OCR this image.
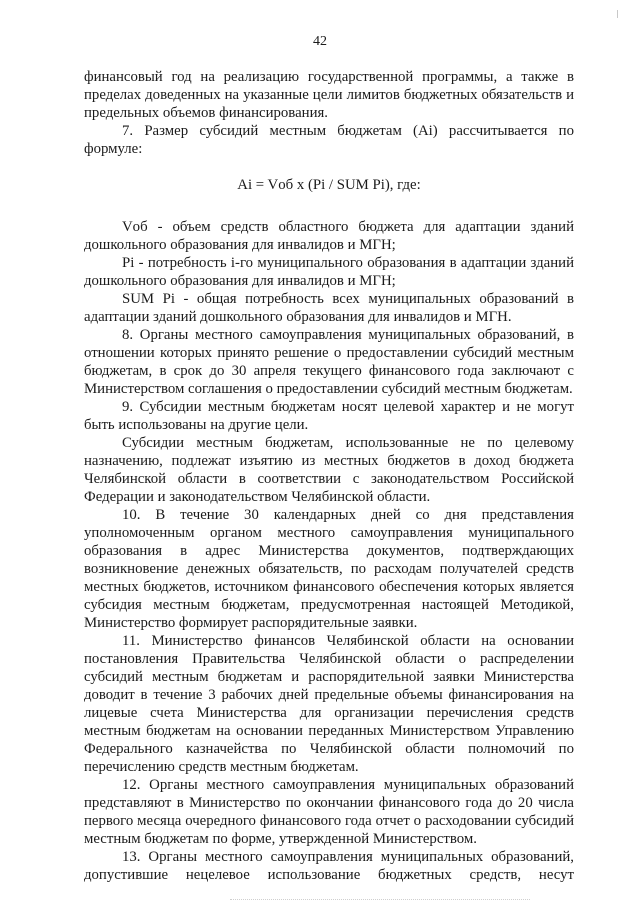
42

финансовый год на реализацию государственной программы, а также в пределах доведенных на указанные цели лимитов бюджетных обязательств и предельных объемов финансирования.

7. Размер субсидий местным бюджетам (Ai) рассчитывается по формуле:

Ai = Vоб x (Pi / SUM Pi), где:

Vоб - объем средств областного бюджета для адаптации зданий дошкольного образования для инвалидов и МГН;

Pi - потребность i-го муниципального образования в адаптации зданий дошкольного образования для инвалидов и МГН;

SUM Pi - общая потребность всех муниципальных образований в адаптации зданий дошкольного образования для инвалидов и МГН.

8. Органы местного самоуправления муниципальных образований, в отношении которых принято решение о предоставлении субсидий местным бюджетам, в срок до 30 апреля текущего финансового года заключают с Министерством соглашения о предоставлении субсидий местным бюджетам.

9. Субсидии местным бюджетам носят целевой характер и не могут быть использованы на другие цели.

Субсидии местным бюджетам, использованные не по целевому назначению, подлежат изъятию из местных бюджетов в доход бюджета Челябинской области в соответствии с законодательством Российской Федерации и законодательством Челябинской области.

10. В течение 30 календарных дней со дня представления уполномоченным органом местного самоуправления муниципального образования в адрес Министерства документов, подтверждающих возникновение денежных обязательств, по расходам получателей средств местных бюджетов, источником финансового обеспечения которых является субсидия местным бюджетам, предусмотренная настоящей Методикой, Министерство формирует распорядительные заявки.

11. Министерство финансов Челябинской области на основании постановления Правительства Челябинской области о распределении субсидий местным бюджетам и распорядительной заявки Министерства доводит в течение 3 рабочих дней предельные объемы финансирования на лицевые счета Министерства для организации перечисления средств местным бюджетам на основании переданных Министерством Управлению Федерального казначейства по Челябинской области полномочий по перечислению средств местным бюджетам.

12. Органы местного самоуправления муниципальных образований представляют в Министерство по окончании финансового года до 20 числа первого месяца очередного финансового года отчет о расходовании субсидий местным бюджетам по форме, утвержденной Министерством.

13. Органы местного самоуправления муниципальных образований, допустившие нецелевое использование бюджетных средств, несут
